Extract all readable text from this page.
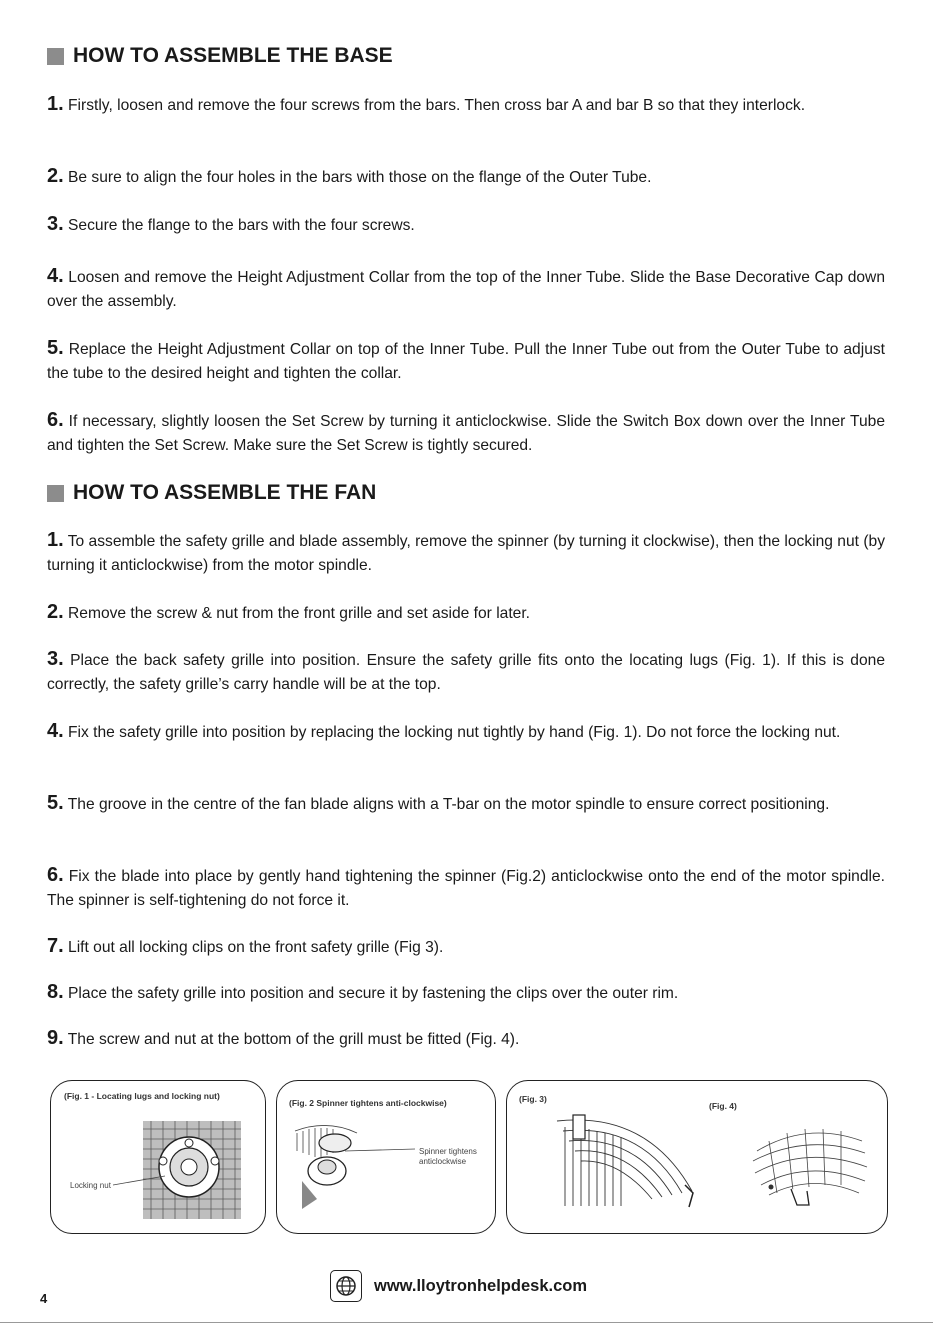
HOW TO ASSEMBLE THE BASE
1. Firstly, loosen and remove the four screws from the bars. Then cross bar A and bar B so that they interlock.
2. Be sure to align the four holes in the bars with those on the flange of the Outer Tube.
3. Secure the flange to the bars with the four screws.
4. Loosen and remove the Height Adjustment Collar from the top of the Inner Tube. Slide the Base Decorative Cap down over the assembly.
5. Replace the Height Adjustment Collar on top of the Inner Tube. Pull the Inner Tube out from the Outer Tube to adjust the tube to the desired height and tighten the collar.
6. If necessary, slightly loosen the Set Screw by turning it anticlockwise. Slide the Switch Box down over the Inner Tube and tighten the Set Screw. Make sure the Set Screw is tightly secured.
HOW TO ASSEMBLE THE FAN
1. To assemble the safety grille and blade assembly, remove the spinner (by turning it clockwise), then the locking nut (by turning it anticlockwise) from the motor spindle.
2. Remove the screw & nut from the front grille and set aside for later.
3. Place the back safety grille into position. Ensure the safety grille fits onto the locating lugs (Fig. 1). If this is done correctly, the safety grille’s carry handle will be at the top.
4. Fix the safety grille into position by replacing the locking nut tightly by hand (Fig. 1). Do not force the locking nut.
5. The groove in the centre of the fan blade aligns with a T-bar on the motor spindle to ensure correct positioning.
6. Fix the blade into place by gently hand tightening the spinner (Fig.2) anticlockwise onto the end of the motor spindle. The spinner is self-tightening do not force it.
7. Lift out all locking clips on the front safety grille (Fig 3).
8. Place the safety grille into position and secure it by fastening the clips over the outer rim.
9. The screw and nut at the bottom of the grill must be fitted (Fig. 4).
(Fig. 1 - Locating lugs and locking nut)
Locking nut
(Fig. 2 Spinner tightens anti-clockwise)
Spinner tightens
anticlockwise
(Fig. 3)
(Fig. 4)
www.lloytronhelpdesk.com
4
